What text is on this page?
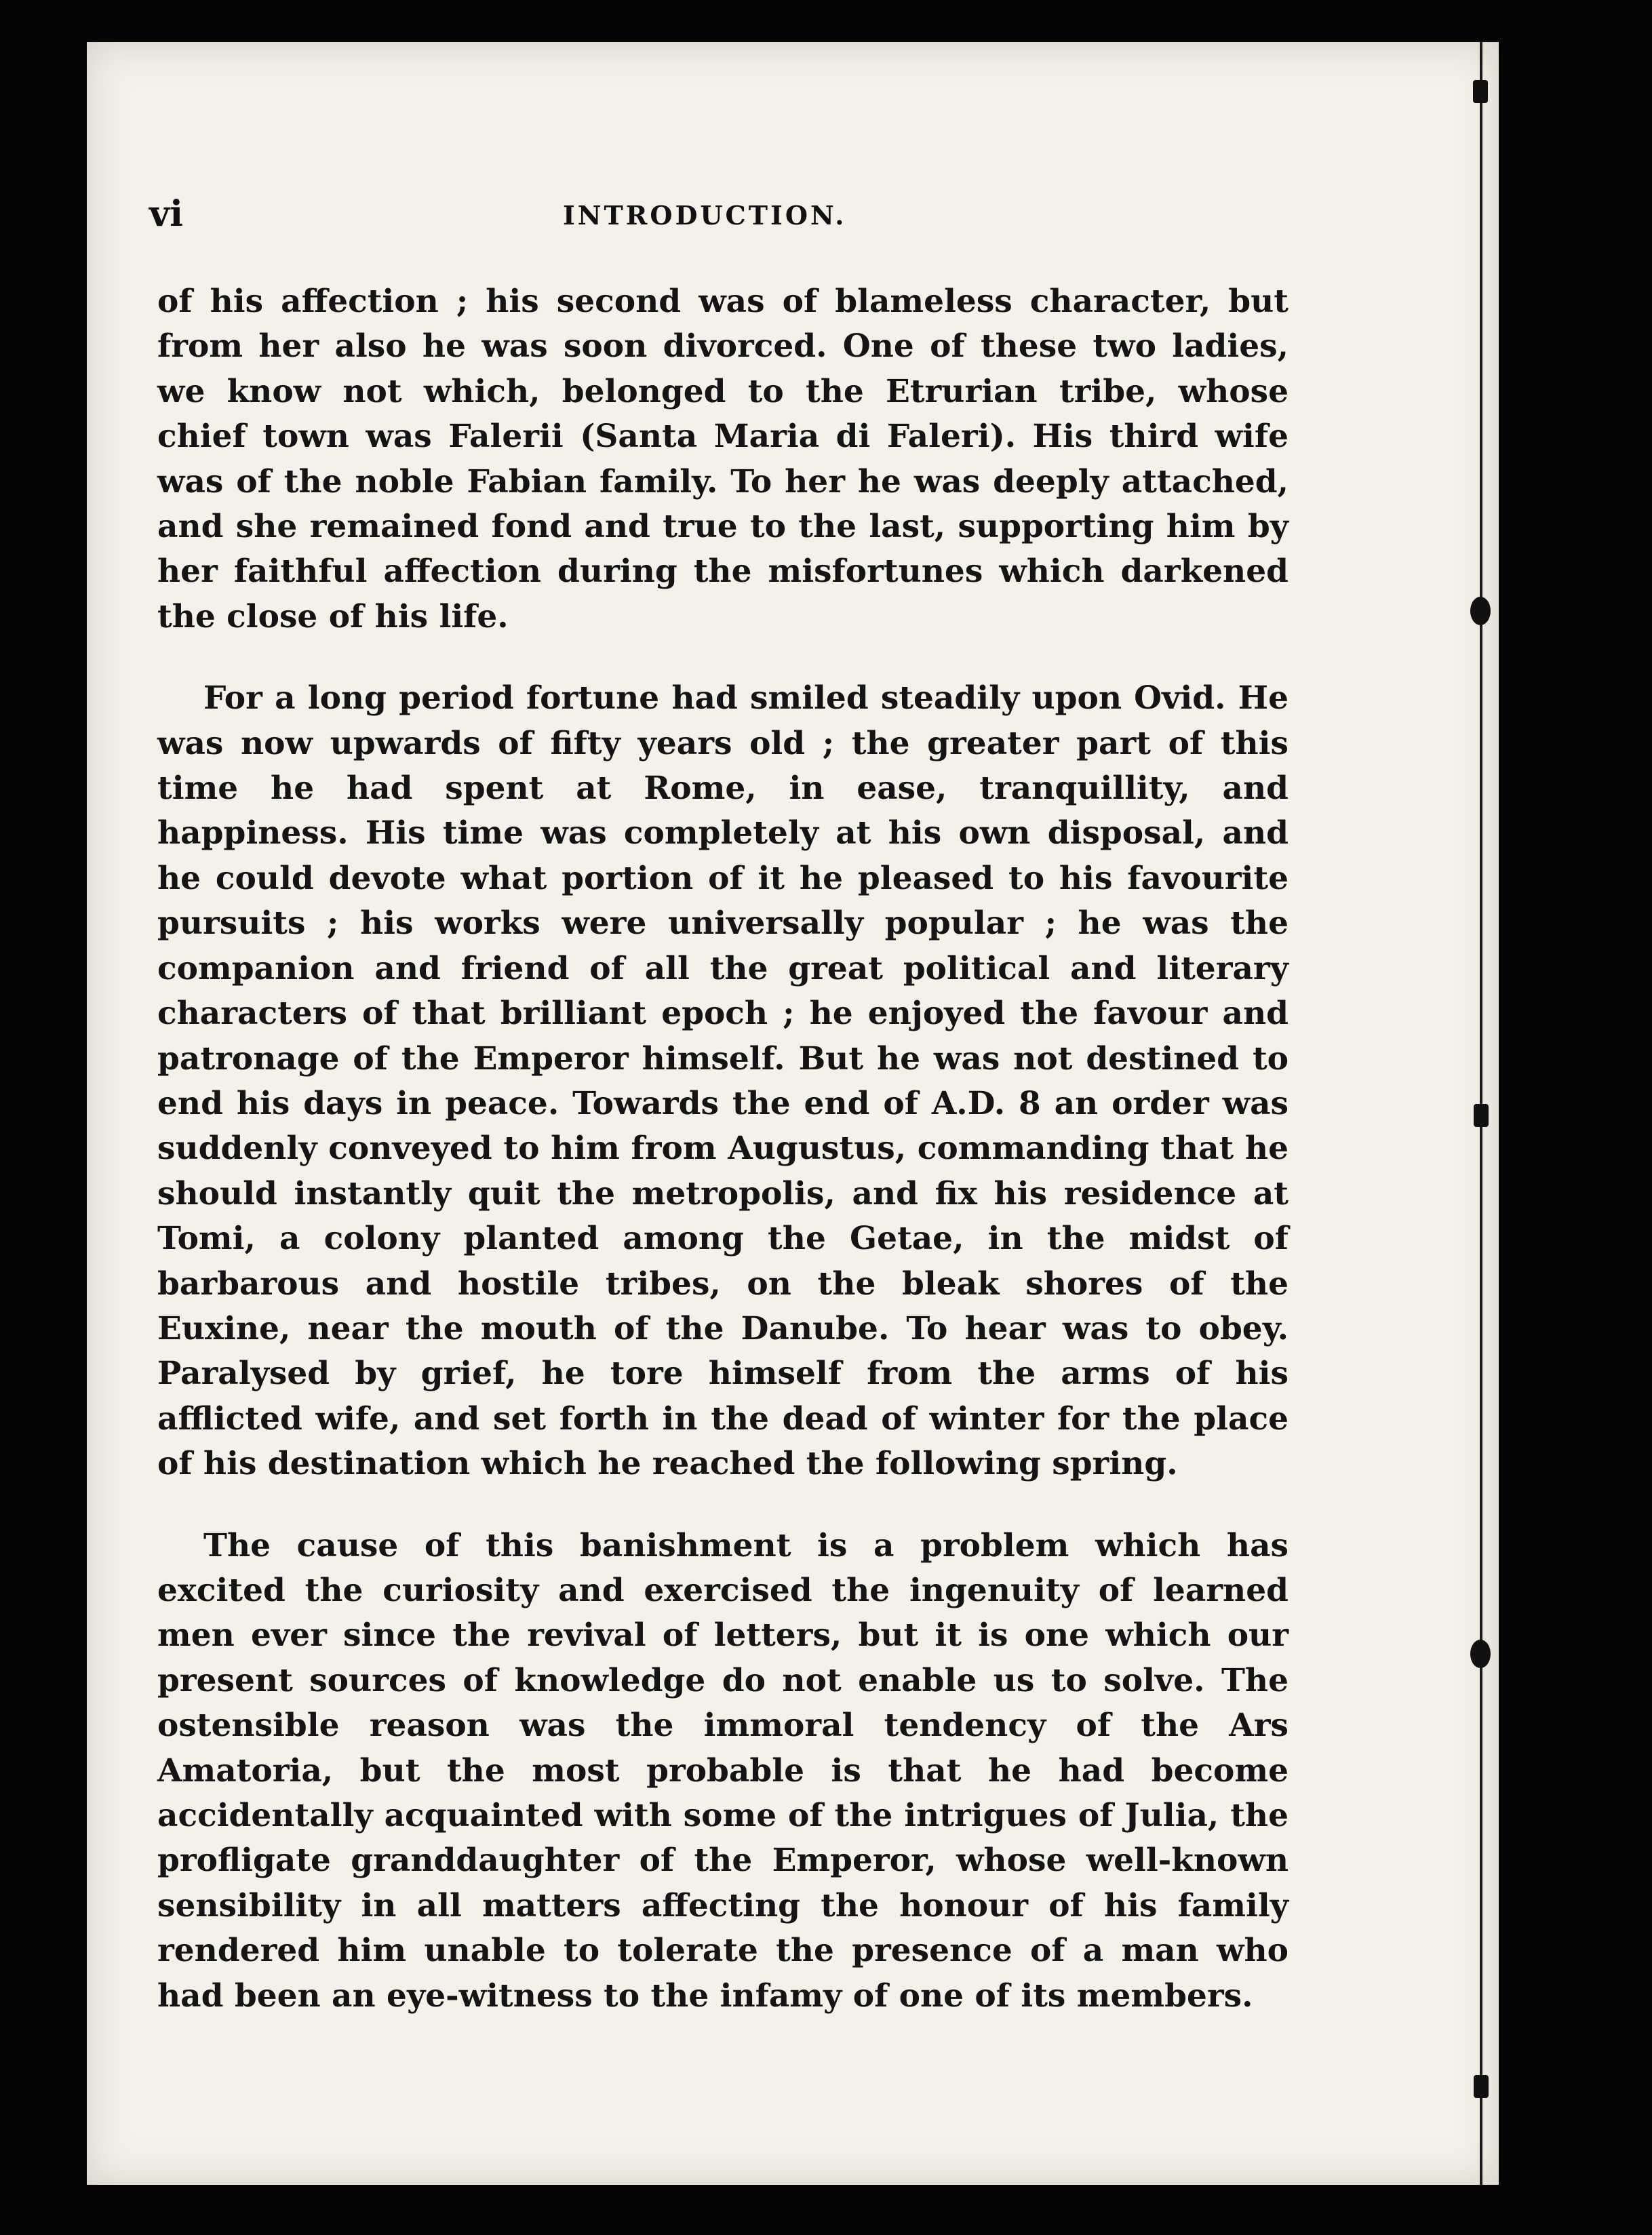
vi	INTRODUCTION.

of his affection ; his second was of blameless character, but from her also he was soon divorced. One of these two ladies, we know not which, belonged to the Etrurian tribe, whose chief town was Falerii (Santa Maria di Faleri). His third wife was of the noble Fabian family. To her he was deeply attached, and she remained fond and true to the last, supporting him by her faithful affection during the misfortunes which darkened the close of his life.

For a long period fortune had smiled steadily upon Ovid. He was now upwards of fifty years old ; the greater part of this time he had spent at Rome, in ease, tranquillity, and happiness. His time was completely at his own disposal, and he could devote what portion of it he pleased to his favourite pursuits ; his works were universally popular ; he was the companion and friend of all the great political and literary characters of that brilliant epoch ; he enjoyed the favour and patronage of the Emperor himself. But he was not destined to end his days in peace. Towards the end of A.D. 8 an order was suddenly conveyed to him from Augustus, commanding that he should instantly quit the metropolis, and fix his residence at Tomi, a colony planted among the Getae, in the midst of barbarous and hostile tribes, on the bleak shores of the Euxine, near the mouth of the Danube. To hear was to obey. Paralysed by grief, he tore himself from the arms of his afflicted wife, and set forth in the dead of winter for the place of his destination which he reached the following spring.

The cause of this banishment is a problem which has excited the curiosity and exercised the ingenuity of learned men ever since the revival of letters, but it is one which our present sources of knowledge do not enable us to solve. The ostensible reason was the immoral tendency of the Ars Amatoria, but the most probable is that he had become accidentally acquainted with some of the intrigues of Julia, the profligate granddaughter of the Emperor, whose well-known sensibility in all matters affecting the honour of his family rendered him unable to tolerate the presence of a man who had been an eye-witness to the infamy of one of its members.
